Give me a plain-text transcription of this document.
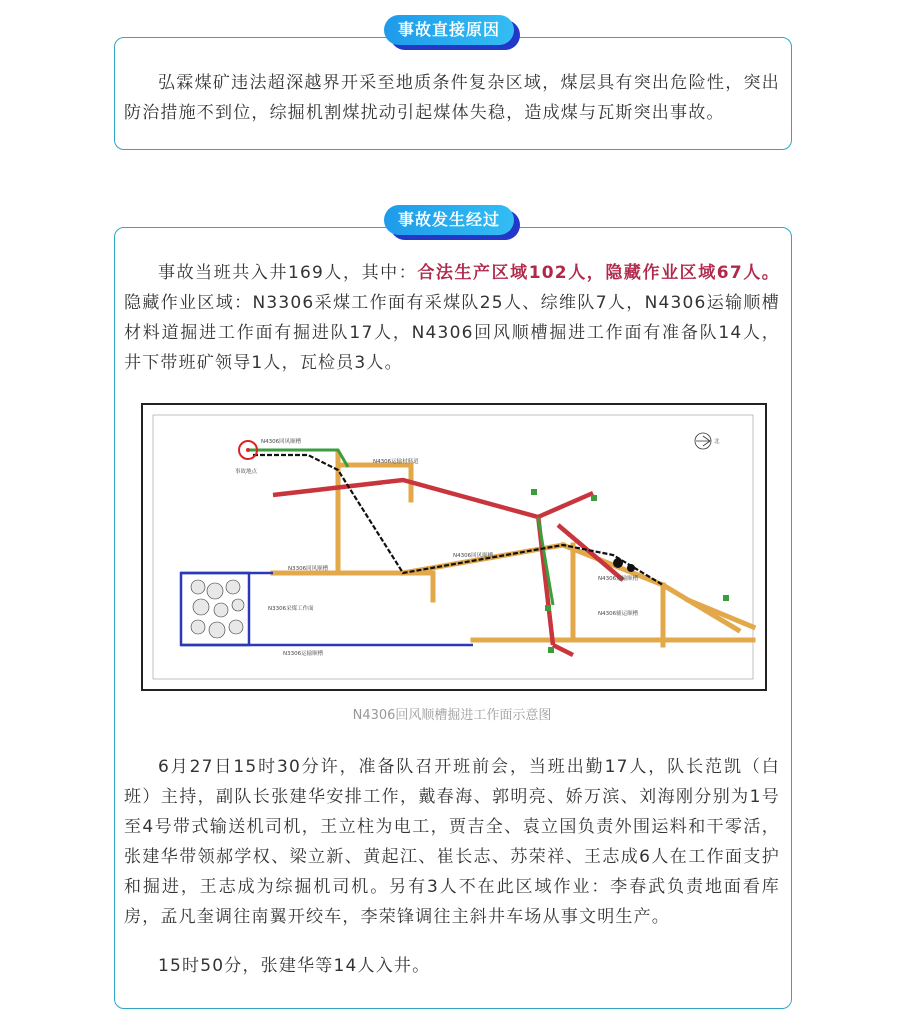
事故直接原因
弘霖煤矿违法超深越界开采至地质条件复杂区域，煤层具有突出危险性，突出防治措施不到位，综掘机割煤扰动引起煤体失稳，造成煤与瓦斯突出事故。
事故发生经过
事故当班共入井169人，其中：合法生产区域102人，隐藏作业区域67人。隐藏作业区域：N3306采煤工作面有采煤队25人、综维队7人，N4306运输顺槽材料道掘进工作面有掘进队17人，N4306回风顺槽掘进工作面有准备队14人，井下带班矿领导1人，瓦检员3人。
事故地点
北
N4306回风顺槽
N4306运输材料道
N3306回风顺槽
N3306采煤工作面
N3306运输顺槽
N4306回风顺槽
N4306运输顺槽
N4306辅运顺槽
N4306回风顺槽掘进工作面示意图
6月27日15时30分许，准备队召开班前会，当班出勤17人，队长范凯（白班）主持，副队长张建华安排工作，戴春海、郭明亮、娇万滨、刘海刚分别为1号至4号带式输送机司机，王立柱为电工，贾吉全、袁立国负责外围运料和干零活，张建华带领郝学权、梁立新、黄起江、崔长志、苏荣祥、王志成6人在工作面支护和掘进，王志成为综掘机司机。另有3人不在此区域作业：李春武负责地面看库房，孟凡奎调往南翼开绞车，李荣锋调往主斜井车场从事文明生产。
15时50分，张建华等14人入井。
